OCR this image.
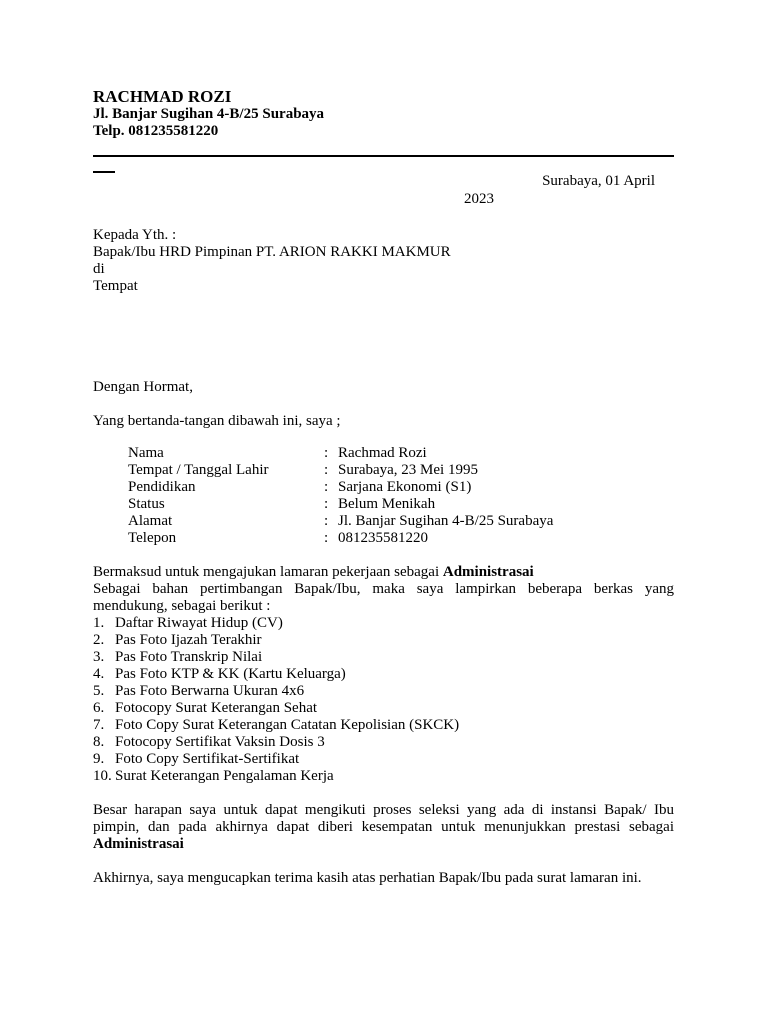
RACHMAD ROZI
Jl. Banjar Sugihan 4-B/25 Surabaya
Telp. 081235581220
Surabaya, 01 April
2023
Kepada Yth. :
Bapak/Ibu HRD Pimpinan PT. ARION RAKKI MAKMUR
di
Tempat
Dengan Hormat,
Yang bertanda-tangan dibawah ini, saya ;
Nama	:	Rachmad Rozi
Tempat / Tanggal Lahir	:	Surabaya, 23 Mei 1995
Pendidikan	:	Sarjana Ekonomi (S1)
Status	:	Belum Menikah
Alamat	:	Jl. Banjar Sugihan 4-B/25 Surabaya
Telepon	:	081235581220
Bermaksud untuk mengajukan lamaran pekerjaan sebagai Administrasai
Sebagai bahan pertimbangan Bapak/Ibu, maka saya lampirkan beberapa berkas yang mendukung, sebagai berikut :
1. Daftar Riwayat Hidup (CV)
2. Pas Foto Ijazah Terakhir
3. Pas Foto Transkrip Nilai
4. Pas Foto KTP & KK (Kartu Keluarga)
5. Pas Foto Berwarna Ukuran 4x6
6. Fotocopy Surat Keterangan Sehat
7. Foto Copy Surat Keterangan Catatan Kepolisian (SKCK)
8. Fotocopy Sertifikat Vaksin Dosis 3
9. Foto Copy Sertifikat-Sertifikat
10. Surat Keterangan Pengalaman Kerja
Besar harapan saya untuk dapat mengikuti proses seleksi yang ada di instansi Bapak/ Ibu pimpin, dan pada akhirnya dapat diberi kesempatan untuk menunjukkan prestasi sebagai Administrasai
Akhirnya, saya mengucapkan terima kasih atas perhatian Bapak/Ibu pada surat lamaran ini.
